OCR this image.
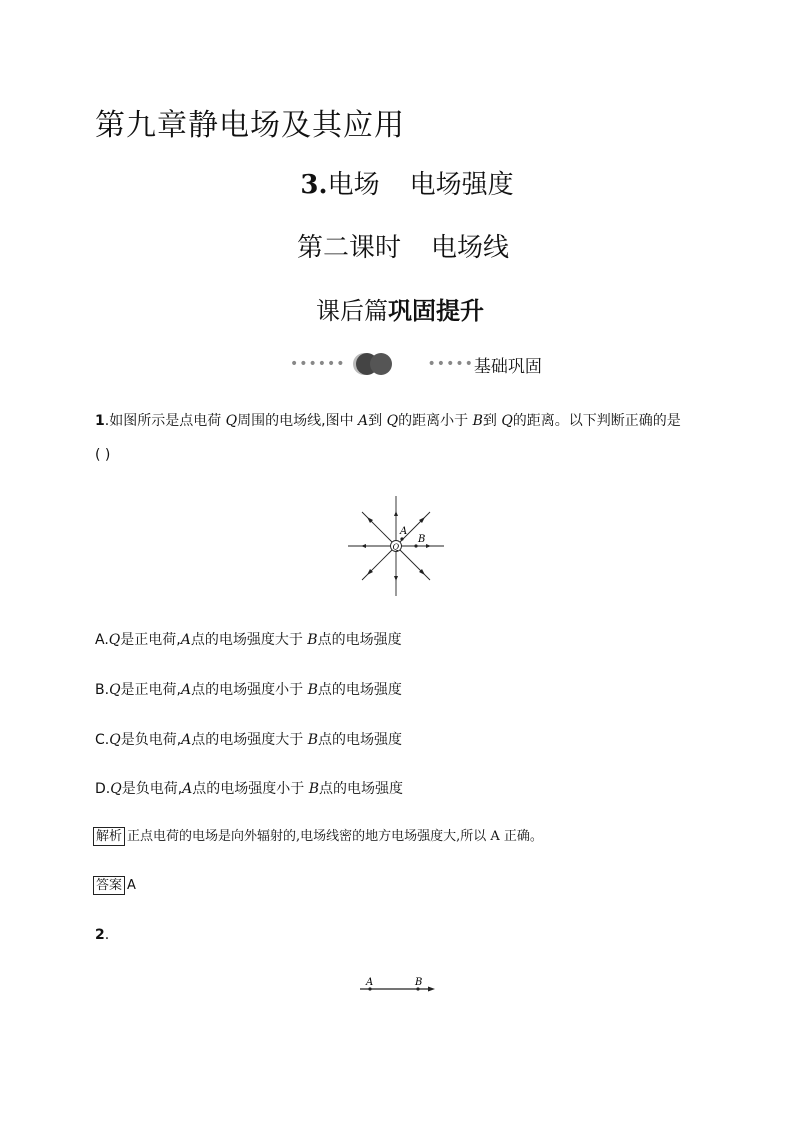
第九章静电场及其应用
3.电场 电场强度
第二课时 电场线
课后篇巩固提升
••••••	••••• 基础巩固
1.如图所示是点电荷 Q周围的电场线,图中 A到 Q的距离小于 B到 Q的距离。以下判断正确的是
( )
A
B
Q
A.Q是正电荷,A点的电场强度大于 B点的电场强度
B.Q是正电荷,A点的电场强度小于 B点的电场强度
C.Q是负电荷,A点的电场强度大于 B点的电场强度
D.Q是负电荷,A点的电场强度小于 B点的电场强度
解析 正点电荷的电场是向外辐射的,电场线密的地方电场强度大,所以 A 正确。
答案 A
2.
A	B
